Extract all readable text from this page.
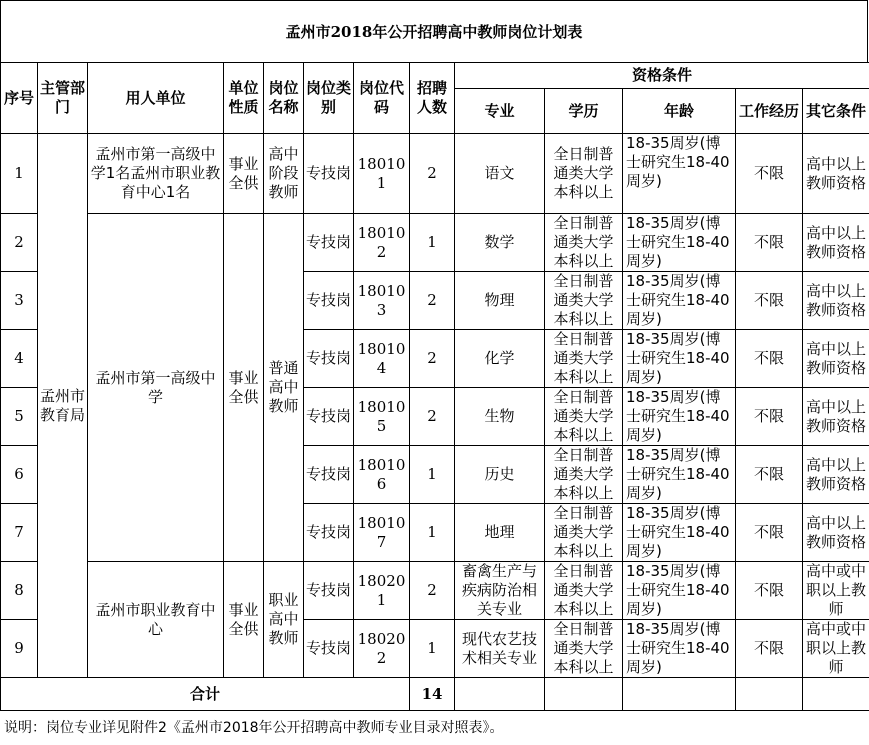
孟州市2018年公开招聘高中教师岗位计划表
序号	主管部门	用人单位	单位性质	岗位名称	岗位类别	岗位代码	招聘人数	资格条件				
								专业	学历	年龄	工作经历	其它条件
1	孟州市教育局	孟州市第一高级中学1名孟州市职业教育中心1名	事业全供	高中阶段教师	专技岗	180101	2	语文	全日制普通类大学本科以上	18-35周岁(博士研究生18-40周岁)	不限	高中以上教师资格
2		孟州市第一高级中学	事业全供	普通高中教师	专技岗	180102	1	数学	全日制普通类大学本科以上	18-35周岁(博士研究生18-40周岁)	不限	高中以上教师资格
3					专技岗	180103	2	物理	全日制普通类大学本科以上	18-35周岁(博士研究生18-40周岁)	不限	高中以上教师资格
4					专技岗	180104	2	化学	全日制普通类大学本科以上	18-35周岁(博士研究生18-40周岁)	不限	高中以上教师资格
5					专技岗	180105	2	生物	全日制普通类大学本科以上	18-35周岁(博士研究生18-40周岁)	不限	高中以上教师资格
6					专技岗	180106	1	历史	全日制普通类大学本科以上	18-35周岁(博士研究生18-40周岁)	不限	高中以上教师资格
7					专技岗	180107	1	地理	全日制普通类大学本科以上	18-35周岁(博士研究生18-40周岁)	不限	高中以上教师资格
8		孟州市职业教育中心	事业全供	职业高中教师	专技岗	180201	2	畜禽生产与疾病防治相关专业	全日制普通类大学本科以上	18-35周岁(博士研究生18-40周岁)	不限	高中或中职以上教师
9					专技岗	180202	1	现代农艺技术相关专业	全日制普通类大学本科以上	18-35周岁(博士研究生18-40周岁)	不限	高中或中职以上教师
合计							14					
说明：岗位专业详见附件2《孟州市2018年公开招聘高中教师专业目录对照表》。
